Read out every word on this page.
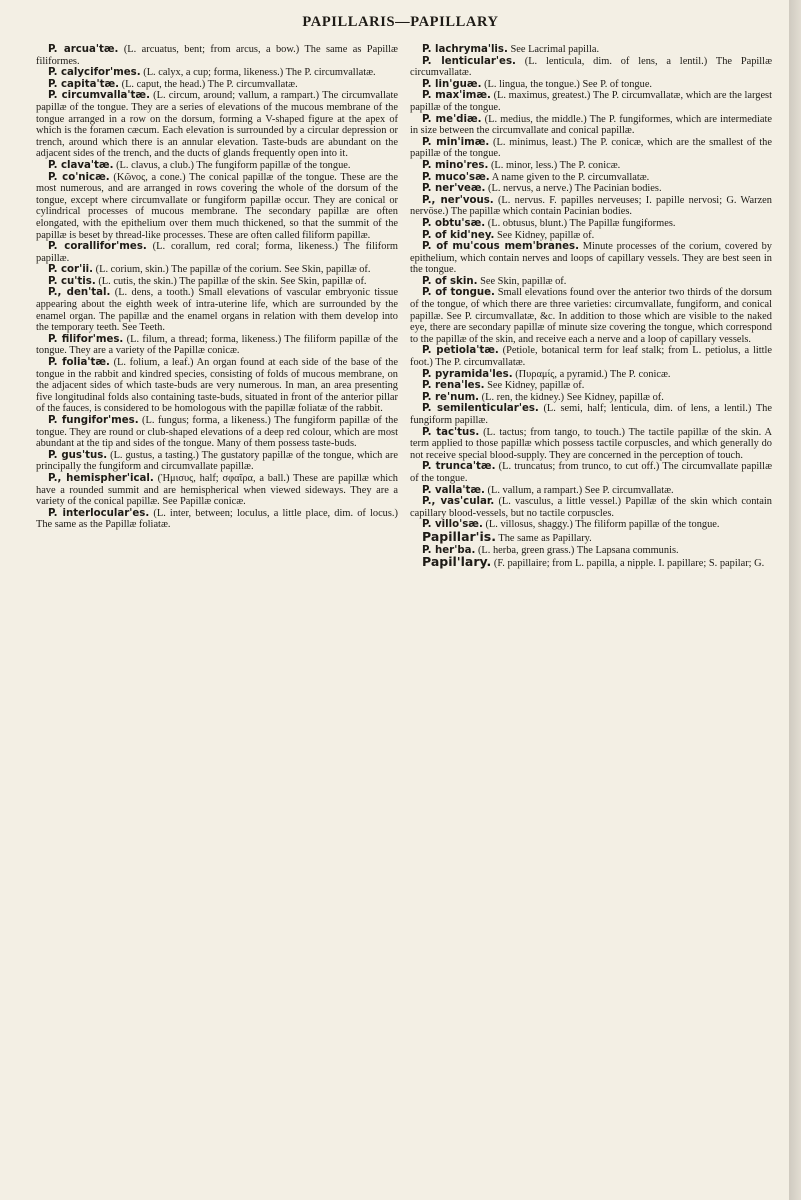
PAPILLARIS—PAPILLARY

P. arcua'tæ. (L. arcuatus, bent; from arcus, a bow.) The same as Papillæ filiformes.

P. calycifor'mes. (L. calyx, a cup; forma, likeness.) The P. circumvallatæ.

P. capita'tæ. (L. caput, the head.) The P. circumvallatæ.

P. circumvalla'tæ. (L. circum, around; vallum, a rampart.) The circumvallate papillæ of the tongue. They are a series of elevations of the mucous membrane of the tongue arranged in a row on the dorsum, forming a V-shaped figure at the apex of which is the foramen cæcum. Each elevation is surrounded by a circular depression or trench, around which there is an annular elevation. Taste-buds are abundant on the adjacent sides of the trench, and the ducts of glands frequently open into it.

P. clava'tæ. (L. clavus, a club.) The fungiform papillæ of the tongue.

P. co'nicæ. (Κῶνος, a cone.) The conical papillæ of the tongue. These are the most numerous, and are arranged in rows covering the whole of the dorsum of the tongue, except where circumvallate or fungiform papillæ occur. They are conical or cylindrical processes of mucous membrane. The secondary papillæ are often elongated, with the epithelium over them much thickened, so that the summit of the papillæ is beset by thread-like processes. These are often called filiform papillæ.

P. corallifor'mes. (L. corallum, red coral; forma, likeness.) The filiform papillæ.

P. cor'ii. (L. corium, skin.) The papillæ of the corium. See Skin, papillæ of.

P. cu'tis. (L. cutis, the skin.) The papillæ of the skin. See Skin, papillæ of.

P., den'tal. (L. dens, a tooth.) Small elevations of vascular embryonic tissue appearing about the eighth week of intra-uterine life, which are surrounded by the enamel organ. The papillæ and the enamel organs in relation with them develop into the temporary teeth. See Teeth.

P. filifor'mes. (L. filum, a thread; forma, likeness.) The filiform papillæ of the tongue. They are a variety of the Papillæ conicæ.

P. folia'tæ. (L. folium, a leaf.) An organ found at each side of the base of the tongue in the rabbit and kindred species, consisting of folds of mucous membrane, on the adjacent sides of which taste-buds are very numerous. In man, an area presenting five longitudinal folds also containing taste-buds, situated in front of the anterior pillar of the fauces, is considered to be homologous with the papillæ foliatæ of the rabbit.

P. fungifor'mes. (L. fungus; forma, a likeness.) The fungiform papillæ of the tongue. They are round or club-shaped elevations of a deep red colour, which are most abundant at the tip and sides of the tongue. Many of them possess taste-buds.

P. gus'tus. (L. gustus, a tasting.) The gustatory papillæ of the tongue, which are principally the fungiform and circumvallate papillæ.

P., hemispher'ical. (Ἡμισυς, half; σφαῖρα, a ball.) These are papillæ which have a rounded summit and are hemispherical when viewed sideways. They are a variety of the conical papillæ. See Papillæ conicæ.

P. interlocular'es. (L. inter, between; loculus, a little place, dim. of locus.) The same as the Papillæ foliatæ.

P. lachryma'lis. See Lacrimal papilla.

P. lenticular'es. (L. lenticula, dim. of lens, a lentil.) The Papillæ circumvallatæ.

P. lin'guæ. (L. lingua, the tongue.) See P. of tongue.

P. max'imæ. (L. maximus, greatest.) The P. circumvallatæ, which are the largest papillæ of the tongue.

P. me'diæ. (L. medius, the middle.) The P. fungiformes, which are intermediate in size between the circumvallate and conical papillæ.

P. min'imæ. (L. minimus, least.) The P. conicæ, which are the smallest of the papillæ of the tongue.

P. mino'res. (L. minor, less.) The P. conicæ.

P. muco'sæ. A name given to the P. circumvallatæ.

P. ner'veæ. (L. nervus, a nerve.) The Pacinian bodies.

P., ner'vous. (L. nervus. F. papilles nerveuses; I. papille nervosi; G. Warzen nervöse.) The papillæ which contain Pacinian bodies.

P. obtu'sæ. (L. obtusus, blunt.) The Papillæ fungiformes.

P. of kid'ney. See Kidney, papillæ of.

P. of mu'cous mem'branes. Minute processes of the corium, covered by epithelium, which contain nerves and loops of capillary vessels. They are best seen in the tongue.

P. of skin. See Skin, papillæ of.

P. of tongue. Small elevations found over the anterior two thirds of the dorsum of the tongue, of which there are three varieties: circumvallate, fungiform, and conical papillæ. See P. circumvallatæ, &c. In addition to those which are visible to the naked eye, there are secondary papillæ of minute size covering the tongue, which correspond to the papillæ of the skin, and receive each a nerve and a loop of capillary vessels.

P. petiola'tæ. (Petiole, botanical term for leaf stalk; from L. petiolus, a little foot.) The P. circumvallatæ.

P. pyramida'les. (Πυραμίς, a pyramid.) The P. conicæ.

P. rena'les. See Kidney, papillæ of.

P. re'num. (L. ren, the kidney.) See Kidney, papillæ of.

P. semilenticular'es. (L. semi, half; lenticula, dim. of lens, a lentil.) The fungiform papillæ.

P. tac'tus. (L. tactus; from tango, to touch.) The tactile papillæ of the skin. A term applied to those papillæ which possess tactile corpuscles, and which generally do not receive special blood-supply. They are concerned in the perception of touch.

P. trunca'tæ. (L. truncatus; from trunco, to cut off.) The circumvallate papillæ of the tongue.

P. valla'tæ. (L. vallum, a rampart.) See P. circumvallatæ.

P., vas'cular. (L. vasculus, a little vessel.) Papillæ of the skin which contain capillary blood-vessels, but no tactile corpuscles.

P. villo'sæ. (L. villosus, shaggy.) The filiform papillæ of the tongue.

Papillar'is. The same as Papillary.

P. her'ba. (L. herba, green grass.) The Lapsana communis.

Papil'lary. (F. papillaire; from L. papilla, a nipple. I. papillare; S. papilar; G.
